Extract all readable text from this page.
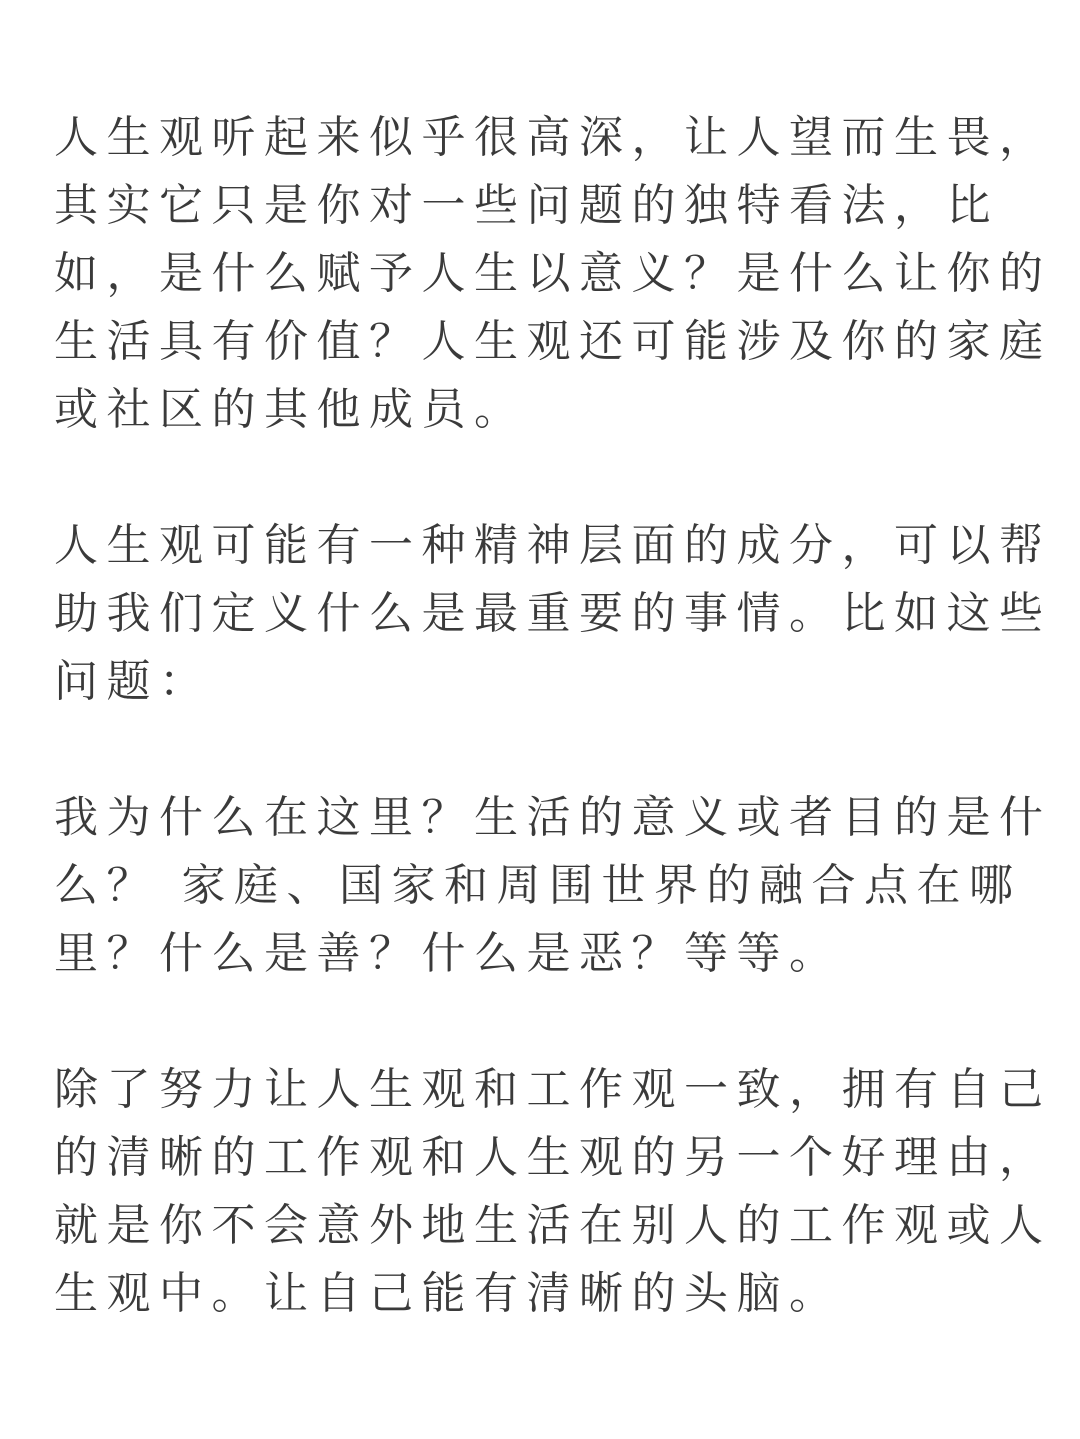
人生观听起来似乎很高深，让人望而生畏，
其实它只是你对一些问题的独特看法，比
如，是什么赋予人生以意义？是什么让你的
生活具有价值？人生观还可能涉及你的家庭
或社区的其他成员。

人生观可能有一种精神层面的成分，可以帮
助我们定义什么是最重要的事情。比如这些
问题：

我为什么在这里？生活的意义或者目的是什
么？ 家庭、国家和周围世界的融合点在哪
里？什么是善？什么是恶？等等。

除了努力让人生观和工作观一致，拥有自己
的清晰的工作观和人生观的另一个好理由，
就是你不会意外地生活在别人的工作观或人
生观中。让自己能有清晰的头脑。
